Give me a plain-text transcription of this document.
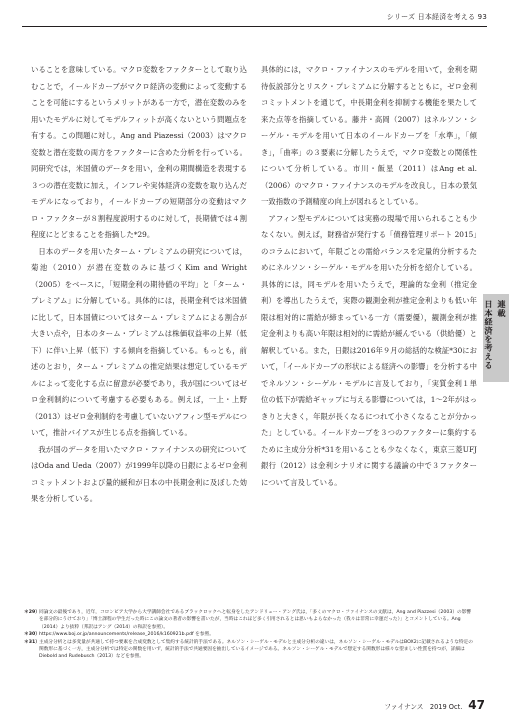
シリーズ 日本経済を考える 93

いることを意味している。マクロ変数をファクターとして取り込むことで，イールドカーブがマクロ経済の変動によって変動することを可能にするというメリットがある一方で，潜在変数のみを用いたモデルに対してモデルフィットが高くないという問題点を有する。この問題に対し，Ang and Piazessi（2003）はマクロ変数と潜在変数の両方をファクターに含めた分析を行っている。同研究では，米国債のデータを用い，金利の期間構造を表現する３つの潜在変数に加え，インフレや実体経済の変数を取り込んだモデルになっており，イールドカーブの短期部分の変動はマクロ・ファクターが８割程度説明するのに対して，長期債では４割程度にとどまることを指摘した*29。

日本のデータを用いたターム・プレミアムの研究については，菊池（2010）が潜在変数のみに基づくKim and Wright（2005）をベースに，「短期金利の期待値の平均」と「ターム・プレミアム」に分解している。具体的には，長期金利では米国債に比して，日本国債についてはターム・プレミアムによる割合が大きい点や，日本のターム・プレミアムは株価収益率の上昇（低下）に伴い上昇（低下）する傾向を指摘している。もっとも，前述のとおり，ターム・プレミアムの推定結果は想定しているモデルによって変化する点に留意が必要であり，我が国についてはゼロ金利制約について考慮する必要もある。例えば，一上・上野（2013）はゼロ金利制約を考慮していないアフィン型モデルについて，推計バイアスが生じる点を指摘している。

我が国のデータを用いたマクロ・ファイナンスの研究についてはOda and Ueda（2007）が1999年以降の日銀によるゼロ金利コミットメントおよび量的緩和が日本の中長期金利に及ぼした効果を分析している。

具体的には，マクロ・ファイナンスのモデルを用いて，金利を期待仮説部分とリスク・プレミアムに分解するとともに，ゼロ金利コミットメントを通じて，中長期金利を抑制する機能を果たして来た点等を指摘している。藤井・高岡（2007）はネルソン・シーゲル・モデルを用いて日本のイールドカーブを「水準」，「傾き」，「曲率」の３要素に分解したうえで，マクロ変数との関係性について分析している。市川・飯星（2011）はAng et al.（2006）のマクロ・ファイナンスのモデルを改良し，日本の景気一致指数の予測精度の向上が図れるとしている。

アフィン型モデルについては実務の現場で用いられることも少なくない。例えば，財務省が発行する「債務管理リポート 2015」のコラムにおいて，年限ごとの需給バランスを定量的分析するためにネルソン・シーゲル・モデルを用いた分析を紹介している。具体的には，同モデルを用いたうえで，理論的な金利（推定金利）を導出したうえで，実際の観測金利が推定金利よりも低い年限は相対的に需給が締まっている一方（需要優），観測金利が推定金利よりも高い年限は相対的に需給が緩んでいる（供給優）と解釈している。また，日銀は2016年９月の総括的な検証*30において，「イールドカーブの形状による経済への影響」を分析する中でネルソン・シーゲル・モデルに言及しており，「実質金利１単位の低下が需給ギャップに与える影響については，1〜2年がはっきりと大きく，年限が長くなるにつれて小さくなることが分かった」としている。イールドカーブを３つのファクターに集約するために主成分分析*31を用いることも少なくなく，東京三菱UFJ銀行（2012）は金利シナリオに関する議論の中で３ファクターについて言及している。

＊29） 同論文の最後であり，近年，コロンビア大学から大学講師会社であるブラックロックへと転身をしたアンドリュー・アング氏は，「多くのマクロ・ファイナンスの文献は，Ang and Piazzesi（2003）の影響を部分的にうけており」「博士課程の学生だった時にこの論文の著者の影響を書いたが，当時はこれほど多く引用されるとは思いもよらなかった（我々は非常に幸運だった）」とコメントしている。Ang（2014）より抜粋（邦訳はアング（2014）の和訳を参照）。
＊30） https://www.boj.or.jp/announcements/release_2016/k160921b.pdf を参照。
＊31） 主成分分析とは多変量が共通して持つ要素を合成変数として集約する統計的手法である。ネルソン・シーゲル・モデルと主成分分析の違いは，ネルソン・シーゲル・モデルはBOX2に記載されるような特定の関数形に基づく一方，主成分分析では特定の関数を用いず，統計的手法で共通要因を抽出しているイメージである。ネルソン・シーゲル・モデルで想定する関数形は様々な望ましい性質を持つが，詳細はDiebold and Rudebusch（2013）などを参照。
連載
日本経済を考える
ファイナンス　2019 Oct. 47
